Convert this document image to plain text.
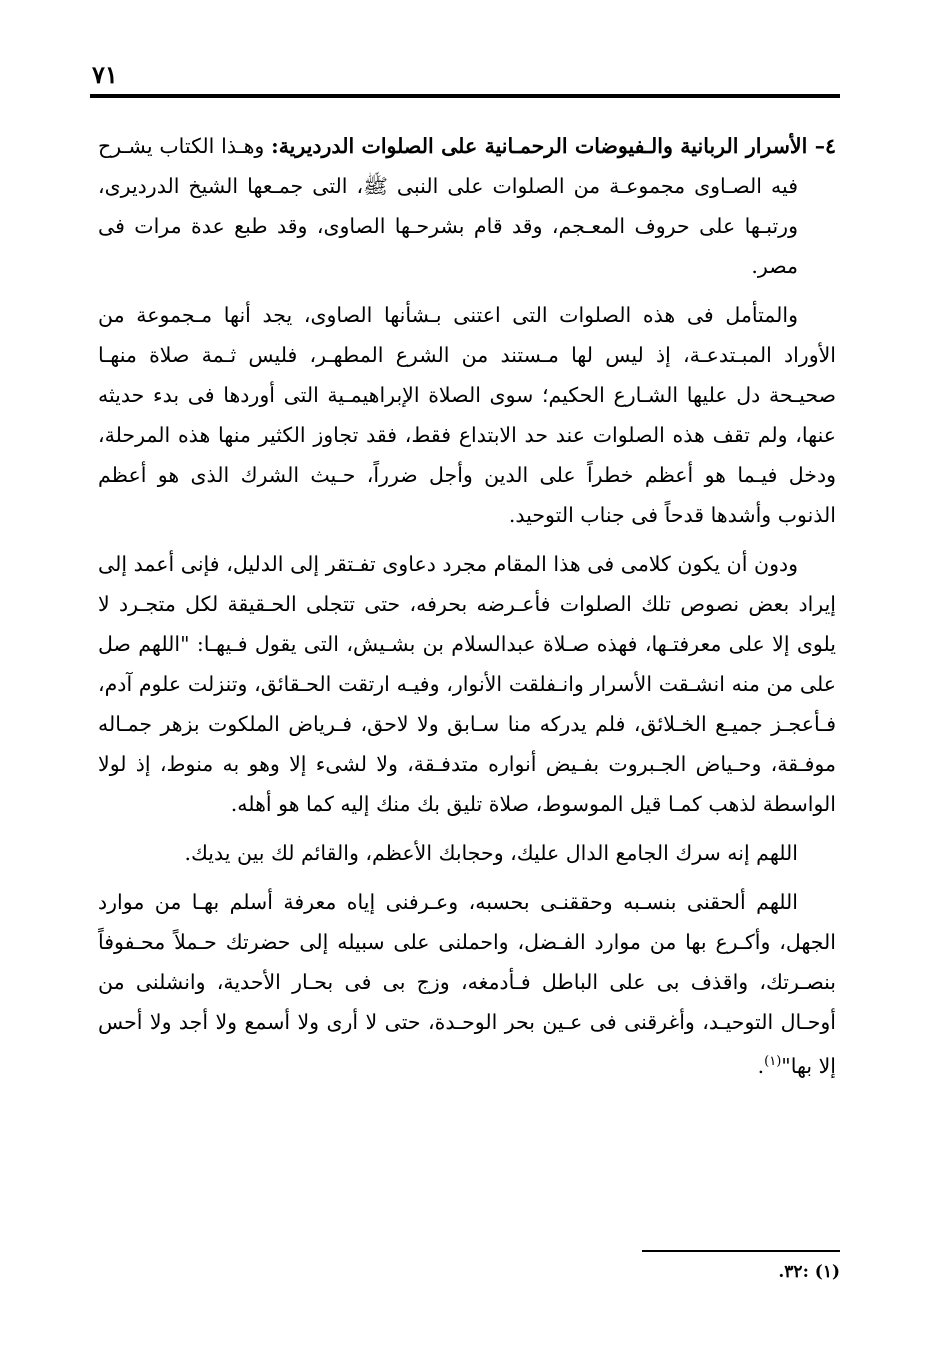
٧١

٤– الأسرار الربانية والـفيوضات الرحمـانية على الصلوات الدرديرية: وهـذا الكتاب يشـرح فيه الصـاوى مجموعـة من الصلوات على النبى ﷺ، التى جمـعها الشيخ الدرديرى، ورتبـها على حروف المعـجم، وقد قام بشرحـها الصاوى، وقد طبع عدة مرات فى مصر.

والمتأمل فى هذه الصلوات التى اعتنى بـشأنها الصاوى، يجد أنها مـجموعة من الأوراد المبـتدعـة، إذ ليس لها مـستند من الشرع المطهـر، فليس ثـمة صلاة منهـا صحيـحة دل عليها الشـارع الحكيم؛ سوى الصلاة الإبراهيمـية التى أوردها فى بدء حديثه عنها، ولم تقف هذه الصلوات عند حد الابتداع فقط، فقد تجاوز الكثير منها هذه المرحلة، ودخل فيـما هو أعظم خطراً على الدين وأجل ضرراً، حـيث الشرك الذى هو أعظم الذنوب وأشدها قدحاً فى جناب التوحيد.

ودون أن يكون كلامى فى هذا المقام مجرد دعاوى تفـتقر إلى الدليل، فإنى أعمد إلى إيراد بعض نصوص تلك الصلوات فأعـرضه بحرفه، حتى تتجلى الحـقيقة لكل متجـرد لا يلوى إلا على معرفتـها، فهذه صـلاة عبدالسلام بن بشـيش، التى يقول فـيهـا: "اللهم صل على من منه انشـقت الأسرار وانـفلقت الأنوار، وفيـه ارتقت الحـقائق، وتنزلت علوم آدم، فـأعجـز جميـع الخـلائق، فلم يدركه منا سـابق ولا لاحق، فـرياض الملكوت بزهر جمـاله موفـقة، وحـياض الجـبروت بفـيض أنواره متدفـقة، ولا لشىء إلا وهو به منوط، إذ لولا الواسطة لذهب كمـا قيل الموسوط، صلاة تليق بك منك إليه كما هو أهله.

اللهم إنه سرك الجامع الدال عليك، وحجابك الأعظم، والقائم لك بين يديك.

اللهم ألحقنى بنسـبه وحققنـى بحسبه، وعـرفنى إياه معرفة أسلم بهـا من موارد الجهل، وأكـرع بها من موارد الفـضل، واحملنى على سبيله إلى حضرتك حـملاً محـفوفاً بنصـرتك، واقذف بى على الباطل فـأدمغه، وزج بى فى بحـار الأحدية، وانشلنى من أوحـال التوحيـد، وأغرقنى فى عـين بحر الوحـدة، حتى لا أرى ولا أسمع ولا أجد ولا أحس إلا بها"$^{(١)}$.

(١) :٣٢.
